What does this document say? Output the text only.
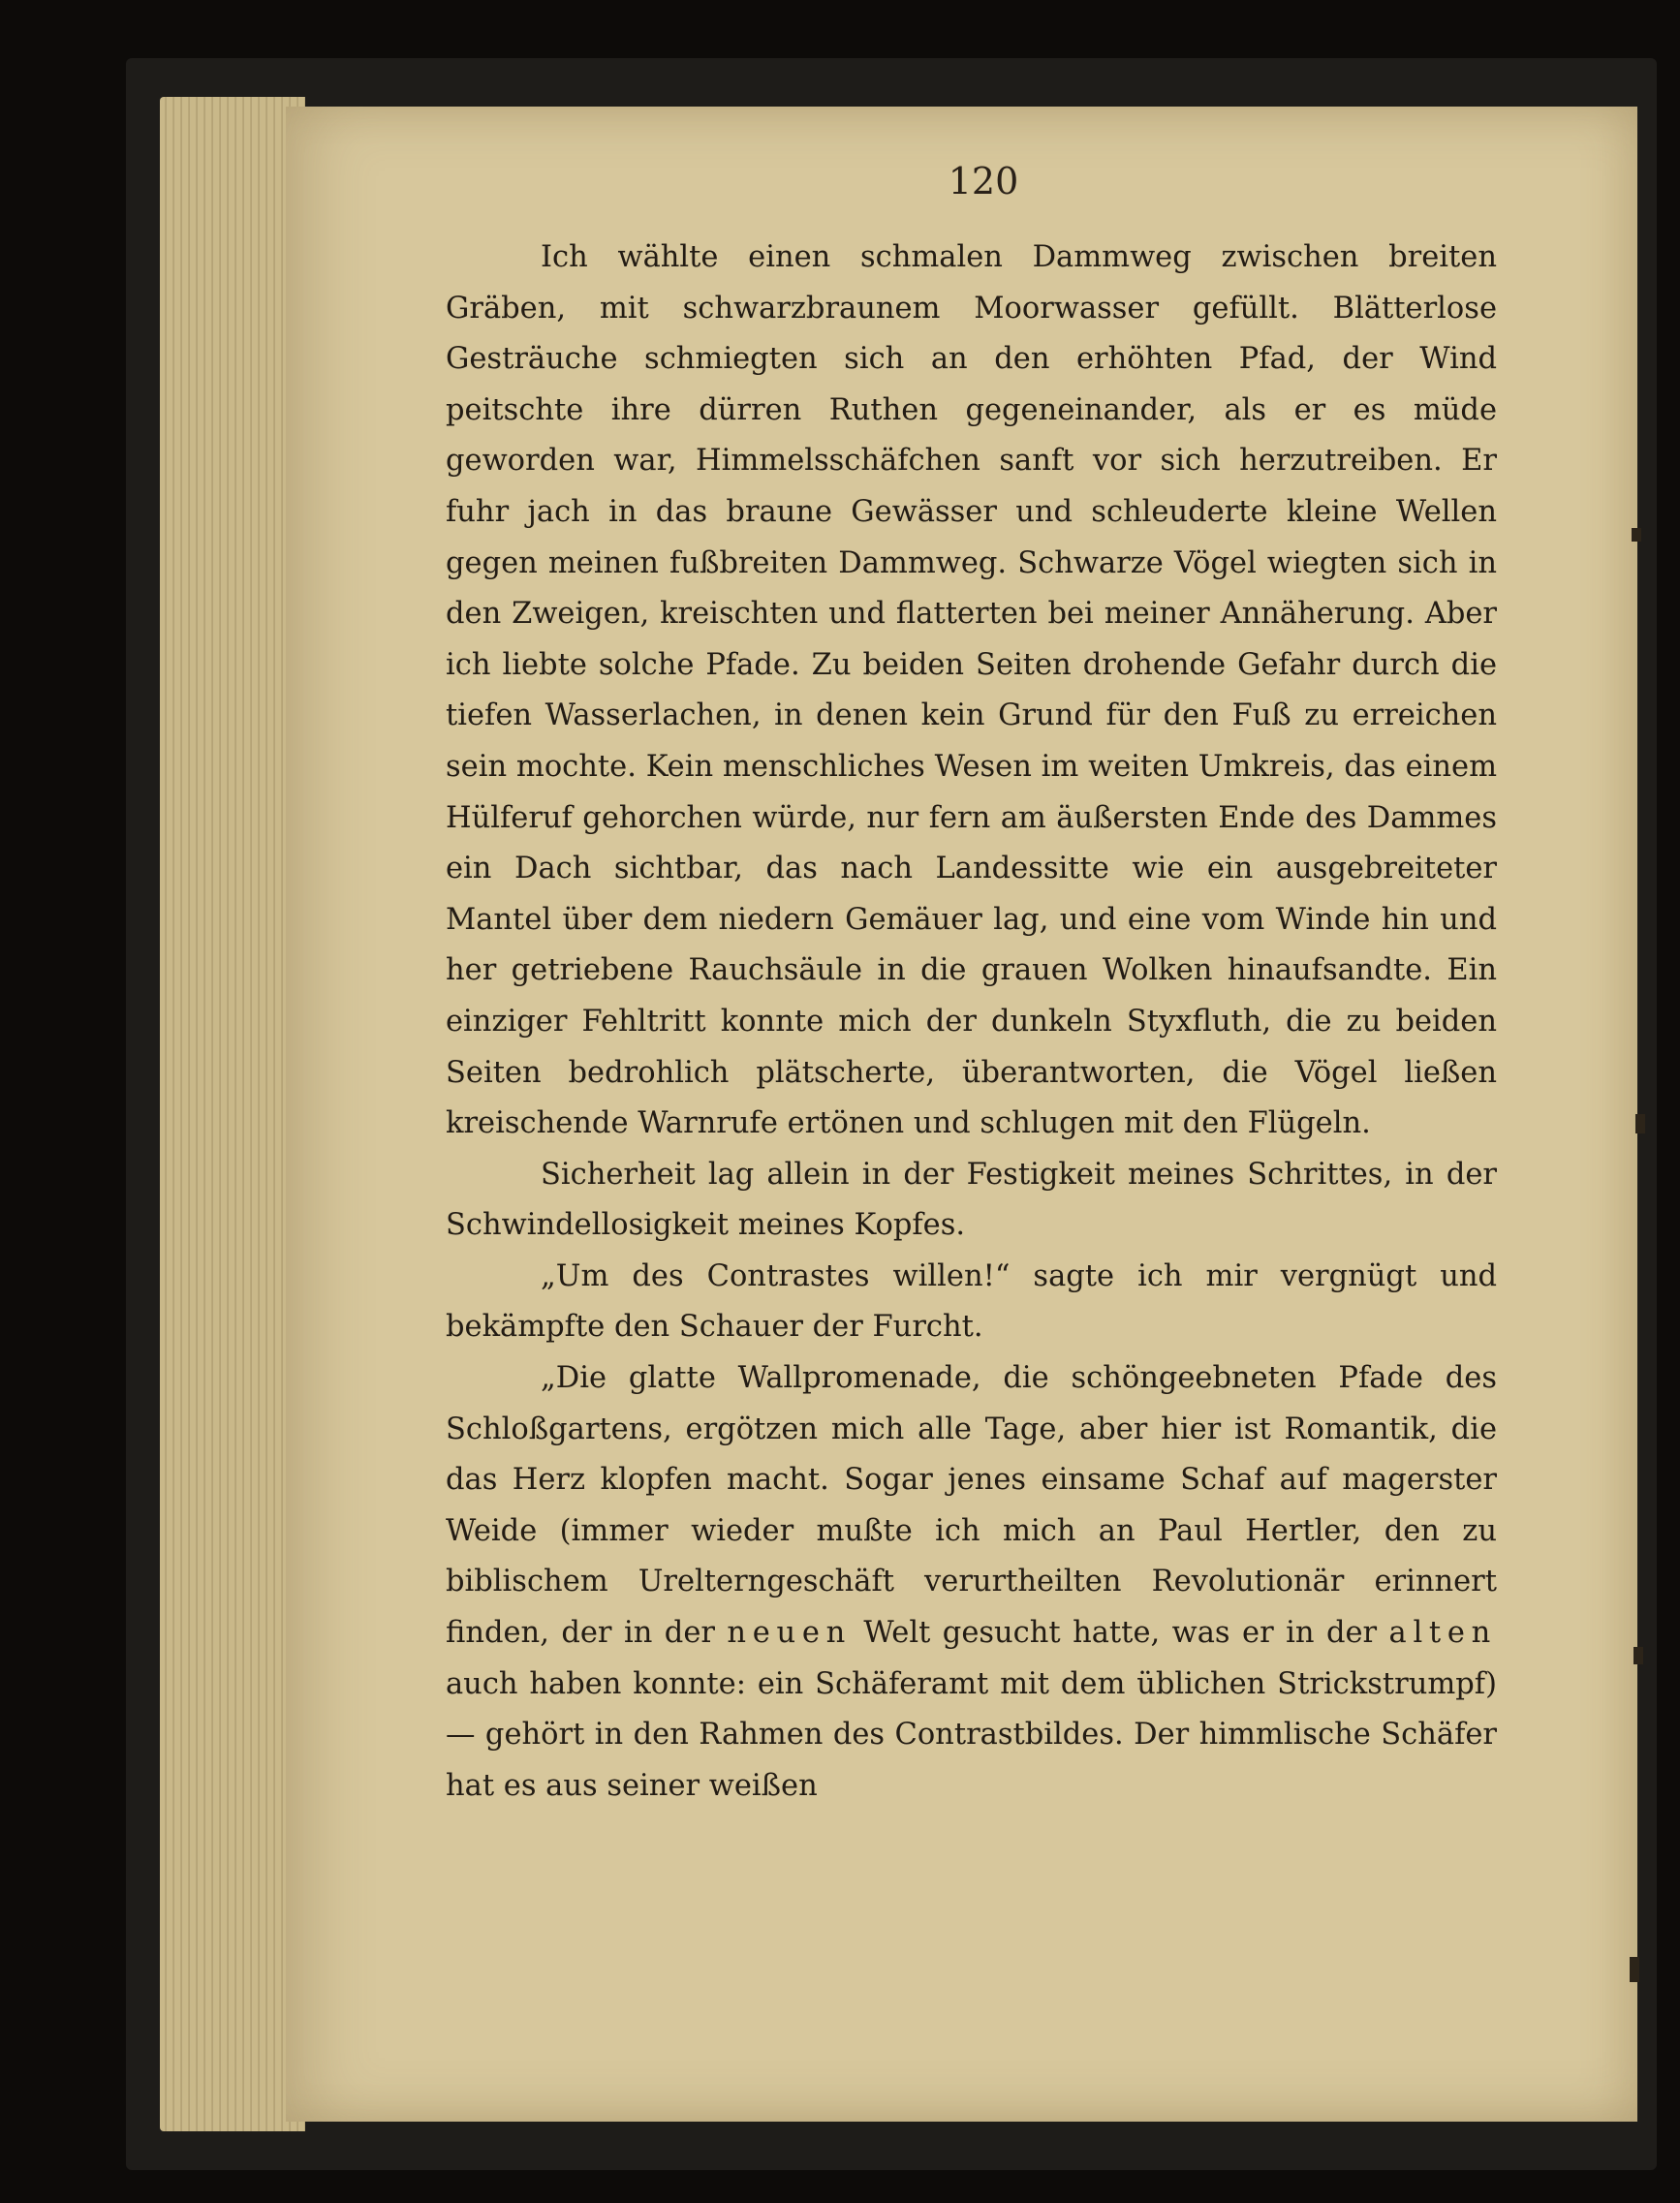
120

Ich wählte einen schmalen Dammweg zwischen breiten Gräben, mit schwarzbraunem Moorwasser gefüllt. Blätterlose Gesträuche schmiegten sich an den erhöhten Pfad, der Wind peitschte ihre dürren Ruthen gegeneinander, als er es müde geworden war, Himmelsschäfchen sanft vor sich herzutreiben. Er fuhr jach in das braune Gewässer und schleuderte kleine Wellen gegen meinen fußbreiten Dammweg. Schwarze Vögel wiegten sich in den Zweigen, kreischten und flatterten bei meiner Annäherung. Aber ich liebte solche Pfade. Zu beiden Seiten drohende Gefahr durch die tiefen Wasserlachen, in denen kein Grund für den Fuß zu erreichen sein mochte. Kein menschliches Wesen im weiten Umkreis, das einem Hülferuf gehorchen würde, nur fern am äußersten Ende des Dammes ein Dach sichtbar, das nach Landessitte wie ein ausgebreiteter Mantel über dem niedern Gemäuer lag, und eine vom Winde hin und her getriebene Rauchsäule in die grauen Wolken hinaufsandte. Ein einziger Fehltritt konnte mich der dunkeln Styxfluth, die zu beiden Seiten bedrohlich plätscherte, überantworten, die Vögel ließen kreischende Warnrufe ertönen und schlugen mit den Flügeln.

Sicherheit lag allein in der Festigkeit meines Schrittes, in der Schwindellosigkeit meines Kopfes.

„Um des Contrastes willen!“ sagte ich mir vergnügt und bekämpfte den Schauer der Furcht.

„Die glatte Wallpromenade, die schöngeebneten Pfade des Schloßgartens, ergötzen mich alle Tage, aber hier ist Romantik, die das Herz klopfen macht. Sogar jenes einsame Schaf auf magerster Weide (immer wieder mußte ich mich an Paul Hertler, den zu biblischem Urelterngeschäft verurtheilten Revolutionär erinnert finden, der in der neuen Welt gesucht hatte, was er in der alten auch haben konnte: ein Schäferamt mit dem üblichen Strickstrumpf) — gehört in den Rahmen des Contrastbildes. Der himmlische Schäfer hat es aus seiner weißen
